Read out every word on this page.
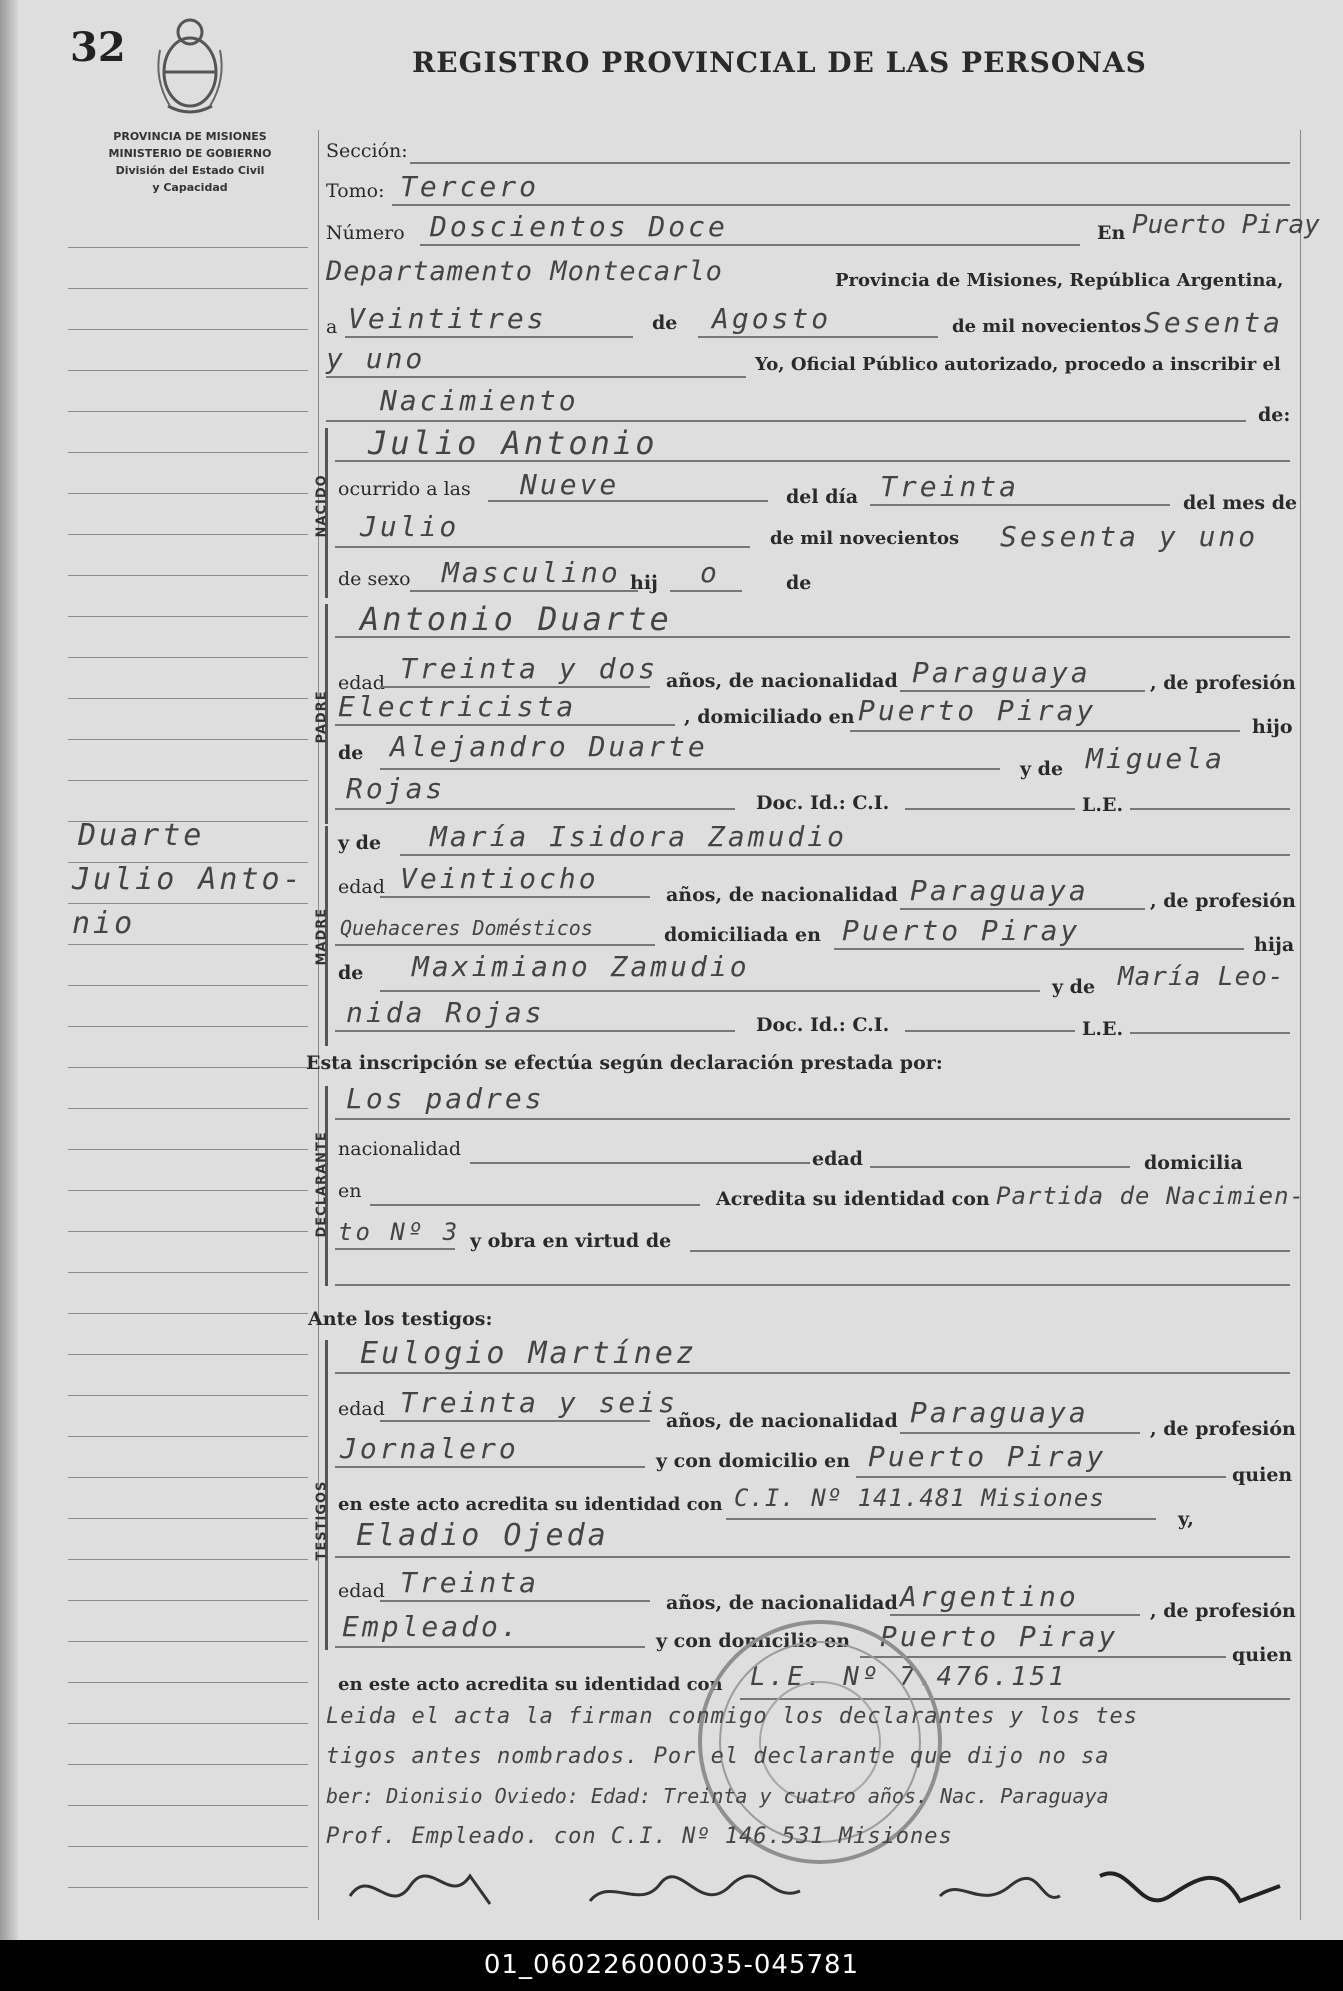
32	REGISTRO PROVINCIAL DE LAS PERSONAS
PROVINCIA DE MISIONES
MINISTERIO DE GOBIERNO
División del Estado Civil
y Capacidad
Duarte
Julio Anto-
nio
NACIDO
PADRE
MADRE
DECLARANTE
TESTIGOS
Sección:
Tomo: Tercero
Número Doscientos Doce	En Puerto Piray
Departamento Montecarlo	Provincia de Misiones, República Argentina,
a Veintitres	de Agosto	de mil novecientos Sesenta
y uno	Yo, Oficial Público autorizado, procedo a inscribir el
Nacimiento	de:
Julio Antonio
ocurrido a las Nueve	del día Treinta	del mes de
Julio	de mil novecientos Sesenta y uno
de sexo Masculino hij o	de
Antonio Duarte
edad Treinta y dos años, de nacionalidad Paraguaya	, de profesión
Electricista	, domiciliado en Puerto Piray	hijo
de Alejandro Duarte
y de Miguela
Rojas	Doc. Id.: C.I.	L.E.
y de María Isidora Zamudio
edad Veintiocho	años, de nacionalidad Paraguaya	, de profesión
Quehaceres Domésticos	domiciliada en Puerto Piray	hija
de Maximiano Zamudio
y de María Leo-
nida Rojas	Doc. Id.: C.I.	L.E.
Esta inscripción se efectúa según declaración prestada por:
Los padres
nacionalidad	edad	domicilia
en	Acredita su identidad con Partida de Nacimien-
to Nº 3 y obra en virtud de
Ante los testigos:
Eulogio Martínez
edad Treinta y seis
años, de nacionalidad Paraguaya	, de profesión
Jornalero	y con domicilio en Puerto Piray
quien
en este acto acredita su identidad con C.I. Nº 141.481 Misiones
y,
Eladio Ojeda
edad Treinta
años, de nacionalidad Argentino	, de profesión
Empleado.	y con domicilio en Puerto Piray
quien
en este acto acredita su identidad con L.E. Nº 7.476.151
Leida el acta la firman conmigo los declarantes y los tes
tigos antes nombrados. Por el declarante que dijo no sa
ber: Dionisio Oviedo: Edad: Treinta y cuatro años. Nac. Paraguaya
Prof. Empleado. con C.I. Nº 146.531 Misiones
01_060226000035-045781
